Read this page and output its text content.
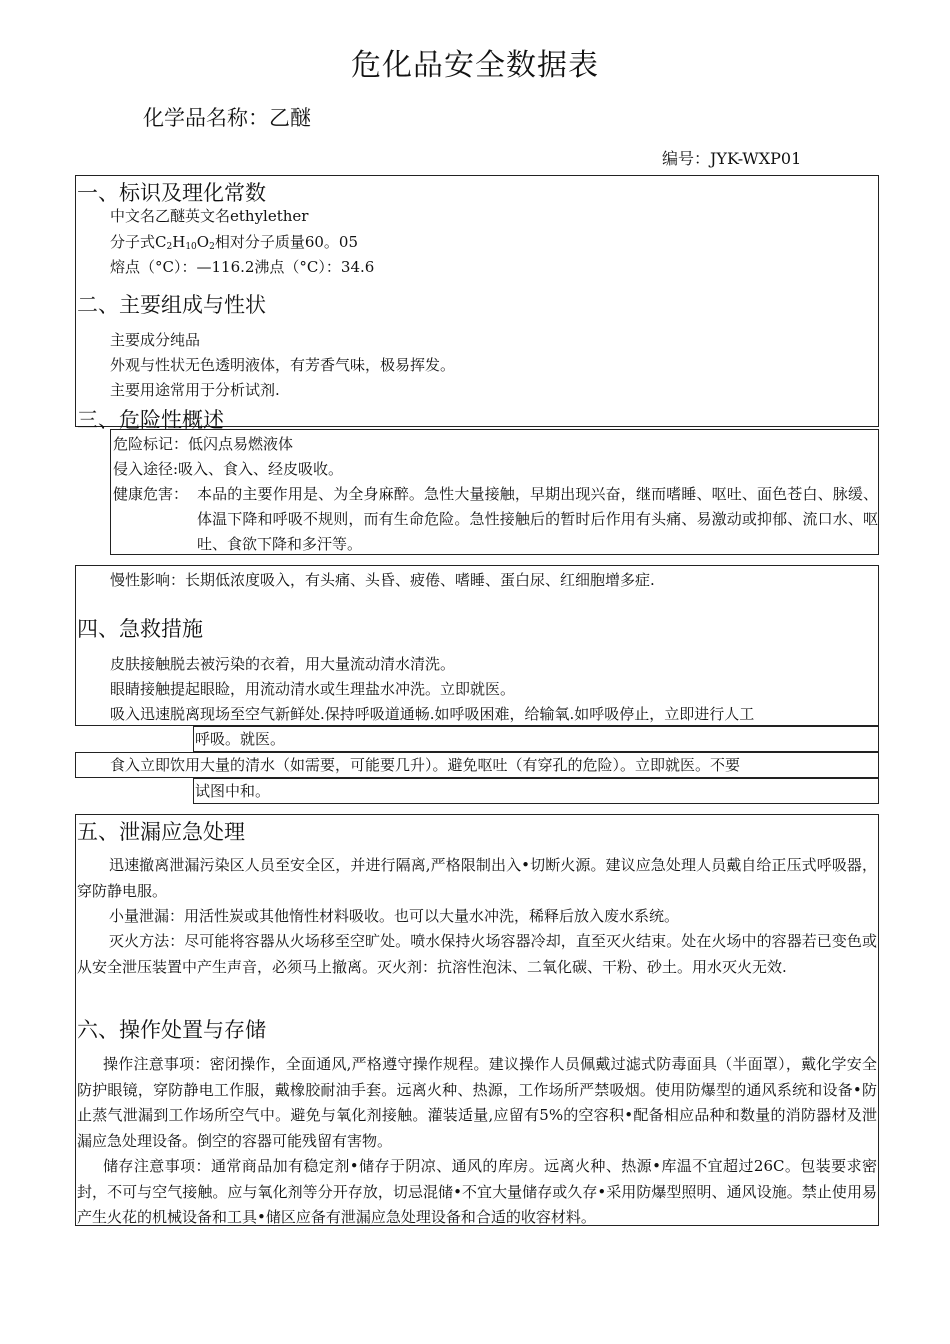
危化品安全数据表
化学品名称：乙醚
编号：JYK-WXP01
一、标识及理化常数
中文名乙醚英文名ethylether
分子式$C_2H_{10}O_2$相对分子质量60。05
熔点（°C）：—116.2沸点（°C）：34.6
二、主要组成与性状
主要成分纯品
外观与性状无色透明液体，有芳香气味，极易挥发。
主要用途常用于分析试剂.
三、危险性概述
危险标记：低闪点易燃液体
侵入途径:吸入、食入、经皮吸收。
健康危害： 本品的主要作用是、为全身麻醉。急性大量接触，早期出现兴奋，继而嗜睡、呕吐、面色苍白、脉缓、体温下降和呼吸不规则，而有生命危险。急性接触后的暂时后作用有头痛、易激动或抑郁、流口水、呕吐、食欲下降和多汗等。
慢性影响：长期低浓度吸入，有头痛、头昏、疲倦、嗜睡、蛋白尿、红细胞增多症.
四、急救措施
皮肤接触脱去被污染的衣着，用大量流动清水清洗。
眼睛接触提起眼睑，用流动清水或生理盐水冲洗。立即就医。
吸入迅速脱离现场至空气新鲜处.保持呼吸道通畅.如呼吸困难，给输氧.如呼吸停止，立即进行人工
呼吸。就医。
食入立即饮用大量的清水（如需要，可能要几升）。避免呕吐（有穿孔的危险）。立即就医。不要
试图中和。
五、泄漏应急处理
迅速撤离泄漏污染区人员至安全区，并进行隔离,严格限制出入•切断火源。建议应急处理人员戴自给正压式呼吸器，穿防静电服。
小量泄漏：用活性炭或其他惰性材料吸收。也可以大量水冲洗，稀释后放入废水系统。
灭火方法：尽可能将容器从火场移至空旷处。喷水保持火场容器冷却，直至灭火结束。处在火场中的容器若已变色或从安全泄压装置中产生声音，必须马上撤离。灭火剂：抗溶性泡沫、二氧化碳、干粉、砂土。用水灭火无效.
六、操作处置与存储
操作注意事项：密闭操作，全面通风,严格遵守操作规程。建议操作人员佩戴过滤式防毒面具（半面罩），戴化学安全防护眼镜，穿防静电工作服，戴橡胶耐油手套。远离火种、热源，工作场所严禁吸烟。使用防爆型的通风系统和设备•防止蒸气泄漏到工作场所空气中。避免与氧化剂接触。灌装适量,应留有5%的空容积•配备相应品种和数量的消防器材及泄漏应急处理设备。倒空的容器可能残留有害物。
储存注意事项：通常商品加有稳定剂•储存于阴凉、通风的库房。远离火种、热源•库温不宜超过26C。包装要求密封，不可与空气接触。应与氧化剂等分开存放，切忌混储•不宜大量储存或久存•采用防爆型照明、通风设施。禁止使用易产生火花的机械设备和工具•储区应备有泄漏应急处理设备和合适的收容材料。
